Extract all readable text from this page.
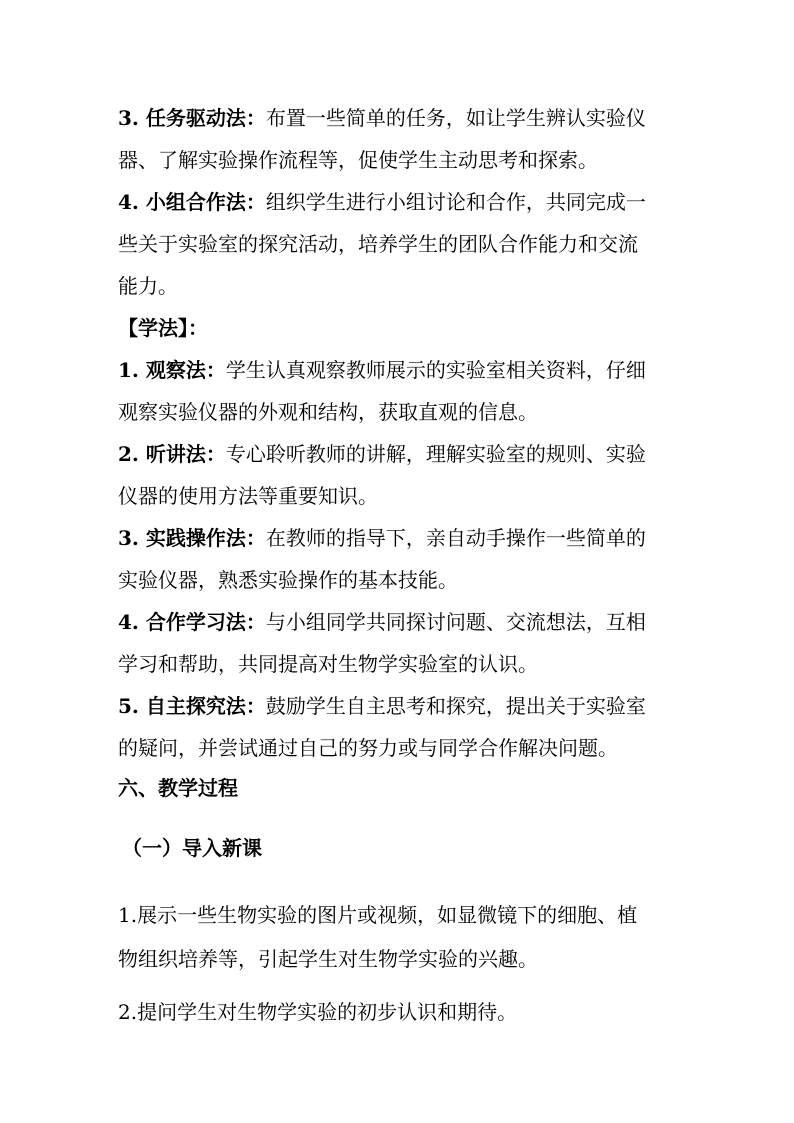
3. 任务驱动法：布置一些简单的任务，如让学生辨认实验仪
器、了解实验操作流程等，促使学生主动思考和探索。
4. 小组合作法：组织学生进行小组讨论和合作，共同完成一
些关于实验室的探究活动，培养学生的团队合作能力和交流
能力。
【学法】：
1. 观察法：学生认真观察教师展示的实验室相关资料，仔细
观察实验仪器的外观和结构，获取直观的信息。
2. 听讲法：专心聆听教师的讲解，理解实验室的规则、实验
仪器的使用方法等重要知识。
3. 实践操作法：在教师的指导下，亲自动手操作一些简单的
实验仪器，熟悉实验操作的基本技能。
4. 合作学习法：与小组同学共同探讨问题、交流想法，互相
学习和帮助，共同提高对生物学实验室的认识。
5. 自主探究法：鼓励学生自主思考和探究，提出关于实验室
的疑问，并尝试通过自己的努力或与同学合作解决问题。
六、教学过程
（一）导入新课
1.展示一些生物实验的图片或视频，如显微镜下的细胞、植
物组织培养等，引起学生对生物学实验的兴趣。
2.提问学生对生物学实验的初步认识和期待。
